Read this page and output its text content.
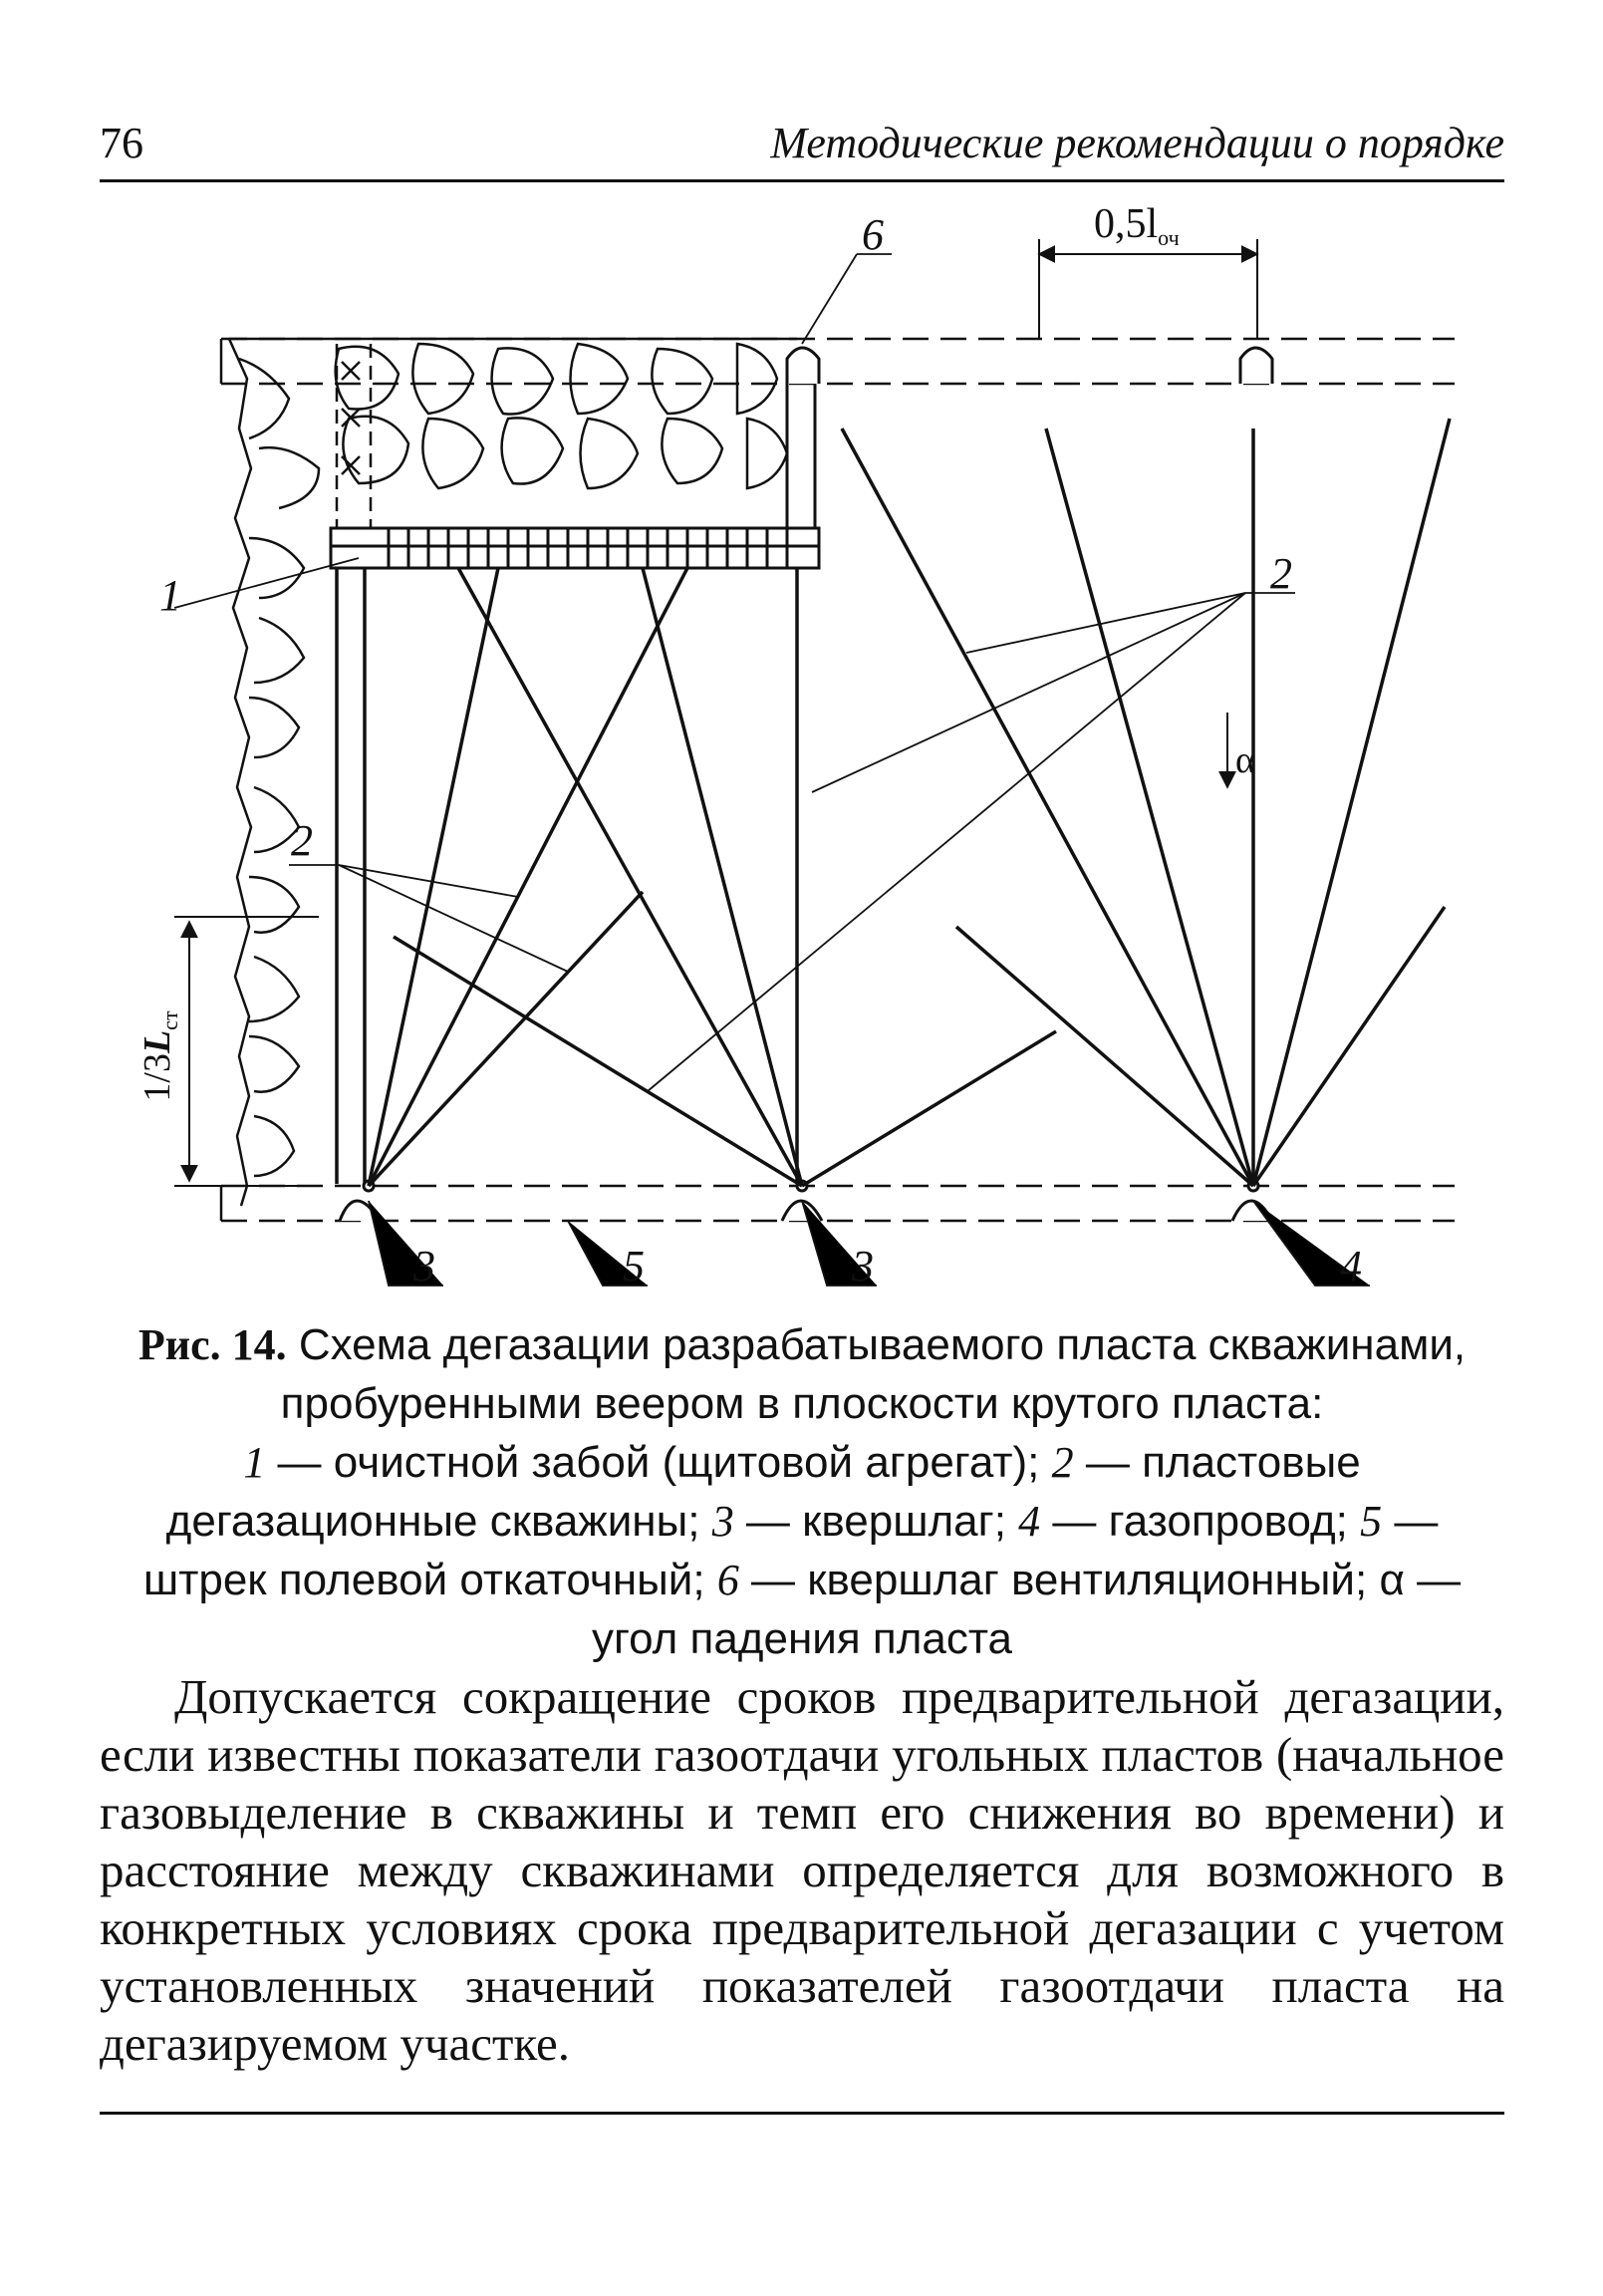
76	Методические рекомендации о порядке
1	2
2
3	5	3	4
6	0,5lоч
$1/3L_{ст}$
α
Рис. 14. Схема дегазации разрабатываемого пласта скважинами, пробуренными веером в плоскости крутого пласта:
1 — очистной забой (щитовой агрегат); 2 — пластовые дегазационные скважины; 3 — квершлаг; 4 — газопровод; 5 — штрек полевой откаточный; 6 — квершлаг вентиляционный; α — угол падения пласта

Допускается сокращение сроков предварительной дегазации, если известны показатели газоотдачи угольных пластов (начальное газовыделение в скважины и темп его снижения во времени) и расстояние между скважинами определяется для возможного в конкретных условиях срока предварительной дегазации с учетом установленных значений показателей газоотдачи пласта на дегазируемом участке.
